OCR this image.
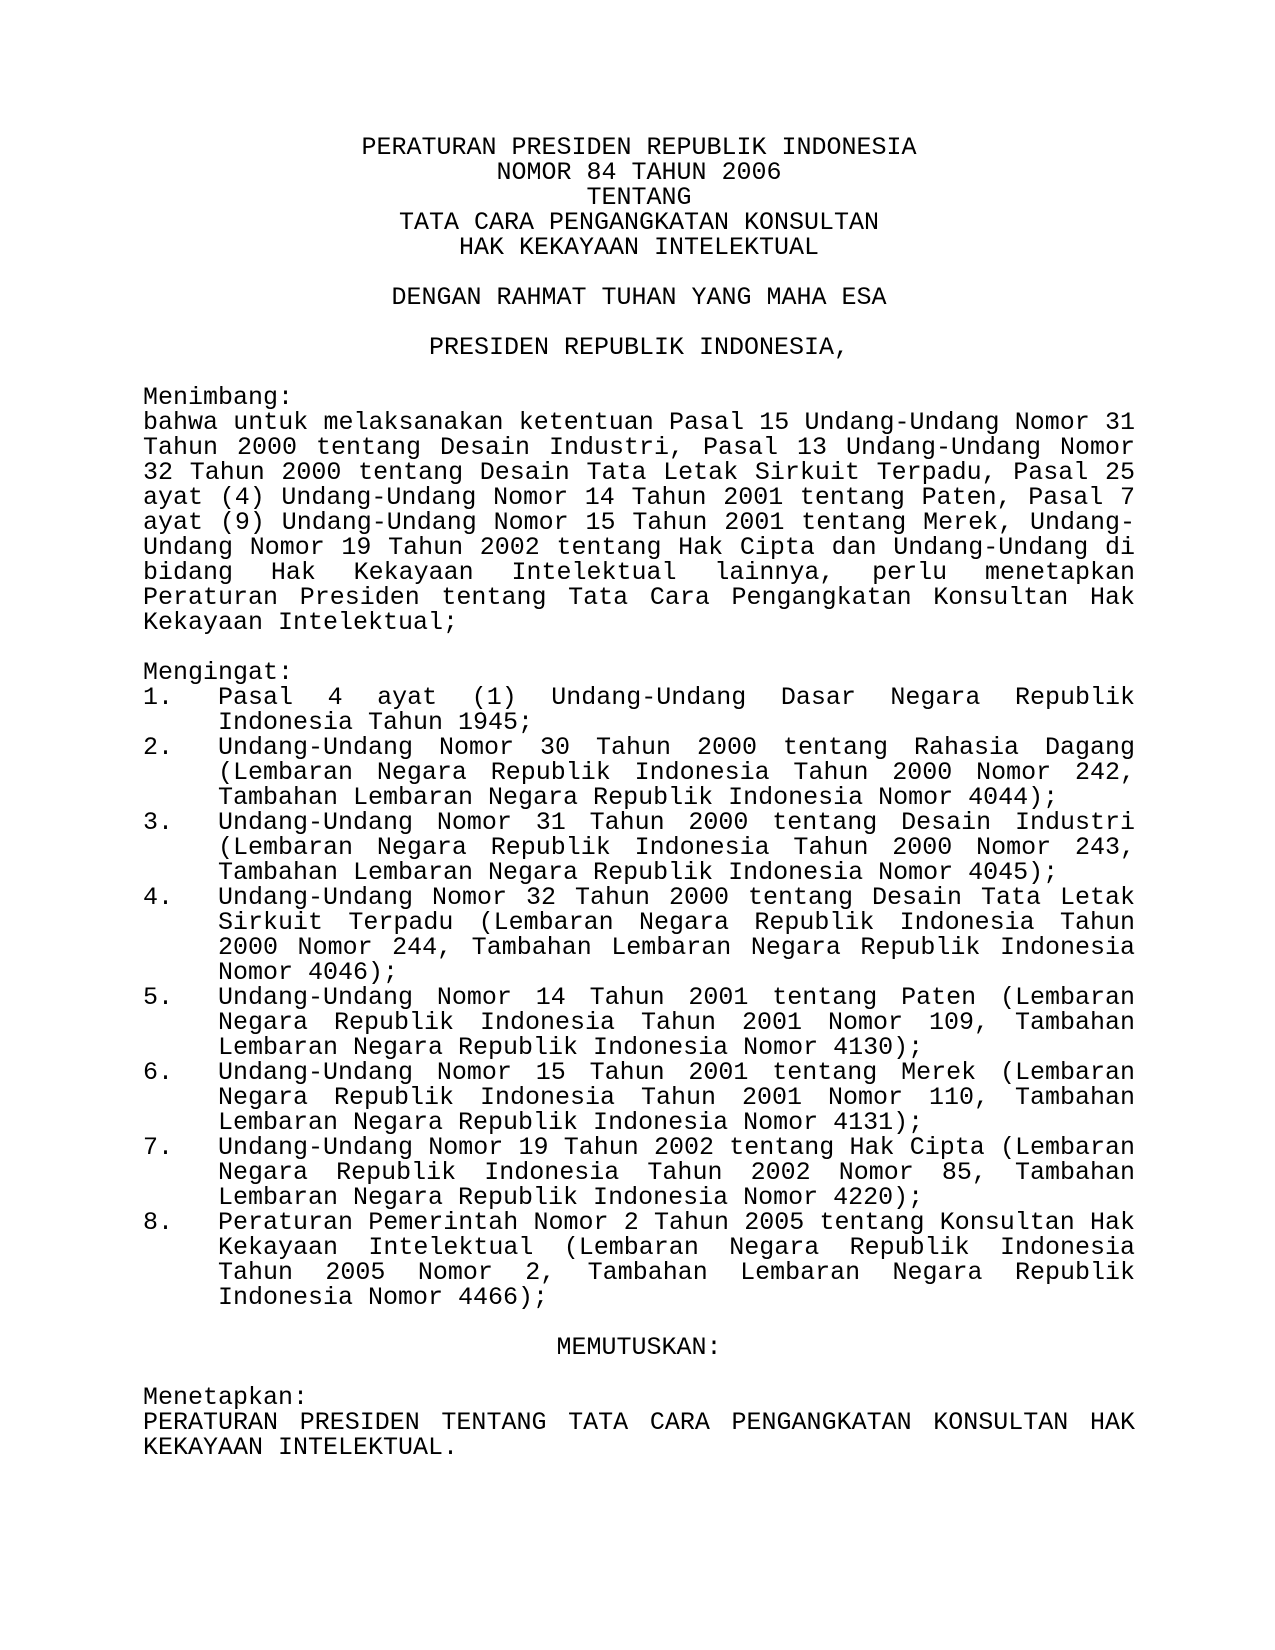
PERATURAN PRESIDEN REPUBLIK INDONESIA
NOMOR 84 TAHUN 2006
TENTANG
TATA CARA PENGANGKATAN KONSULTAN
HAK KEKAYAAN INTELEKTUAL
DENGAN RAHMAT TUHAN YANG MAHA ESA
PRESIDEN REPUBLIK INDONESIA,
Menimbang:
bahwa untuk melaksanakan ketentuan Pasal 15 Undang-Undang Nomor 31
Tahun 2000 tentang Desain Industri, Pasal 13 Undang-Undang Nomor
32 Tahun 2000 tentang Desain Tata Letak Sirkuit Terpadu, Pasal 25
ayat (4) Undang-Undang Nomor 14 Tahun 2001 tentang Paten, Pasal 7
ayat (9) Undang-Undang Nomor 15 Tahun 2001 tentang Merek, Undang-
Undang Nomor 19 Tahun 2002 tentang Hak Cipta dan Undang-Undang di
bidang Hak Kekayaan Intelektual lainnya, perlu menetapkan
Peraturan Presiden tentang Tata Cara Pengangkatan Konsultan Hak
Kekayaan Intelektual;
Mengingat:
1. Pasal 4 ayat (1) Undang-Undang Dasar Negara Republik
Indonesia Tahun 1945;
2. Undang-Undang Nomor 30 Tahun 2000 tentang Rahasia Dagang
(Lembaran Negara Republik Indonesia Tahun 2000 Nomor 242,
Tambahan Lembaran Negara Republik Indonesia Nomor 4044);
3. Undang-Undang Nomor 31 Tahun 2000 tentang Desain Industri
(Lembaran Negara Republik Indonesia Tahun 2000 Nomor 243,
Tambahan Lembaran Negara Republik Indonesia Nomor 4045);
4. Undang-Undang Nomor 32 Tahun 2000 tentang Desain Tata Letak
Sirkuit Terpadu (Lembaran Negara Republik Indonesia Tahun
2000 Nomor 244, Tambahan Lembaran Negara Republik Indonesia
Nomor 4046);
5. Undang-Undang Nomor 14 Tahun 2001 tentang Paten (Lembaran
Negara Republik Indonesia Tahun 2001 Nomor 109, Tambahan
Lembaran Negara Republik Indonesia Nomor 4130);
6. Undang-Undang Nomor 15 Tahun 2001 tentang Merek (Lembaran
Negara Republik Indonesia Tahun 2001 Nomor 110, Tambahan
Lembaran Negara Republik Indonesia Nomor 4131);
7. Undang-Undang Nomor 19 Tahun 2002 tentang Hak Cipta (Lembaran
Negara Republik Indonesia Tahun 2002 Nomor 85, Tambahan
Lembaran Negara Republik Indonesia Nomor 4220);
8. Peraturan Pemerintah Nomor 2 Tahun 2005 tentang Konsultan Hak
Kekayaan Intelektual (Lembaran Negara Republik Indonesia
Tahun 2005 Nomor 2, Tambahan Lembaran Negara Republik
Indonesia Nomor 4466);
MEMUTUSKAN:
Menetapkan:
PERATURAN PRESIDEN TENTANG TATA CARA PENGANGKATAN KONSULTAN HAK
KEKAYAAN INTELEKTUAL.
